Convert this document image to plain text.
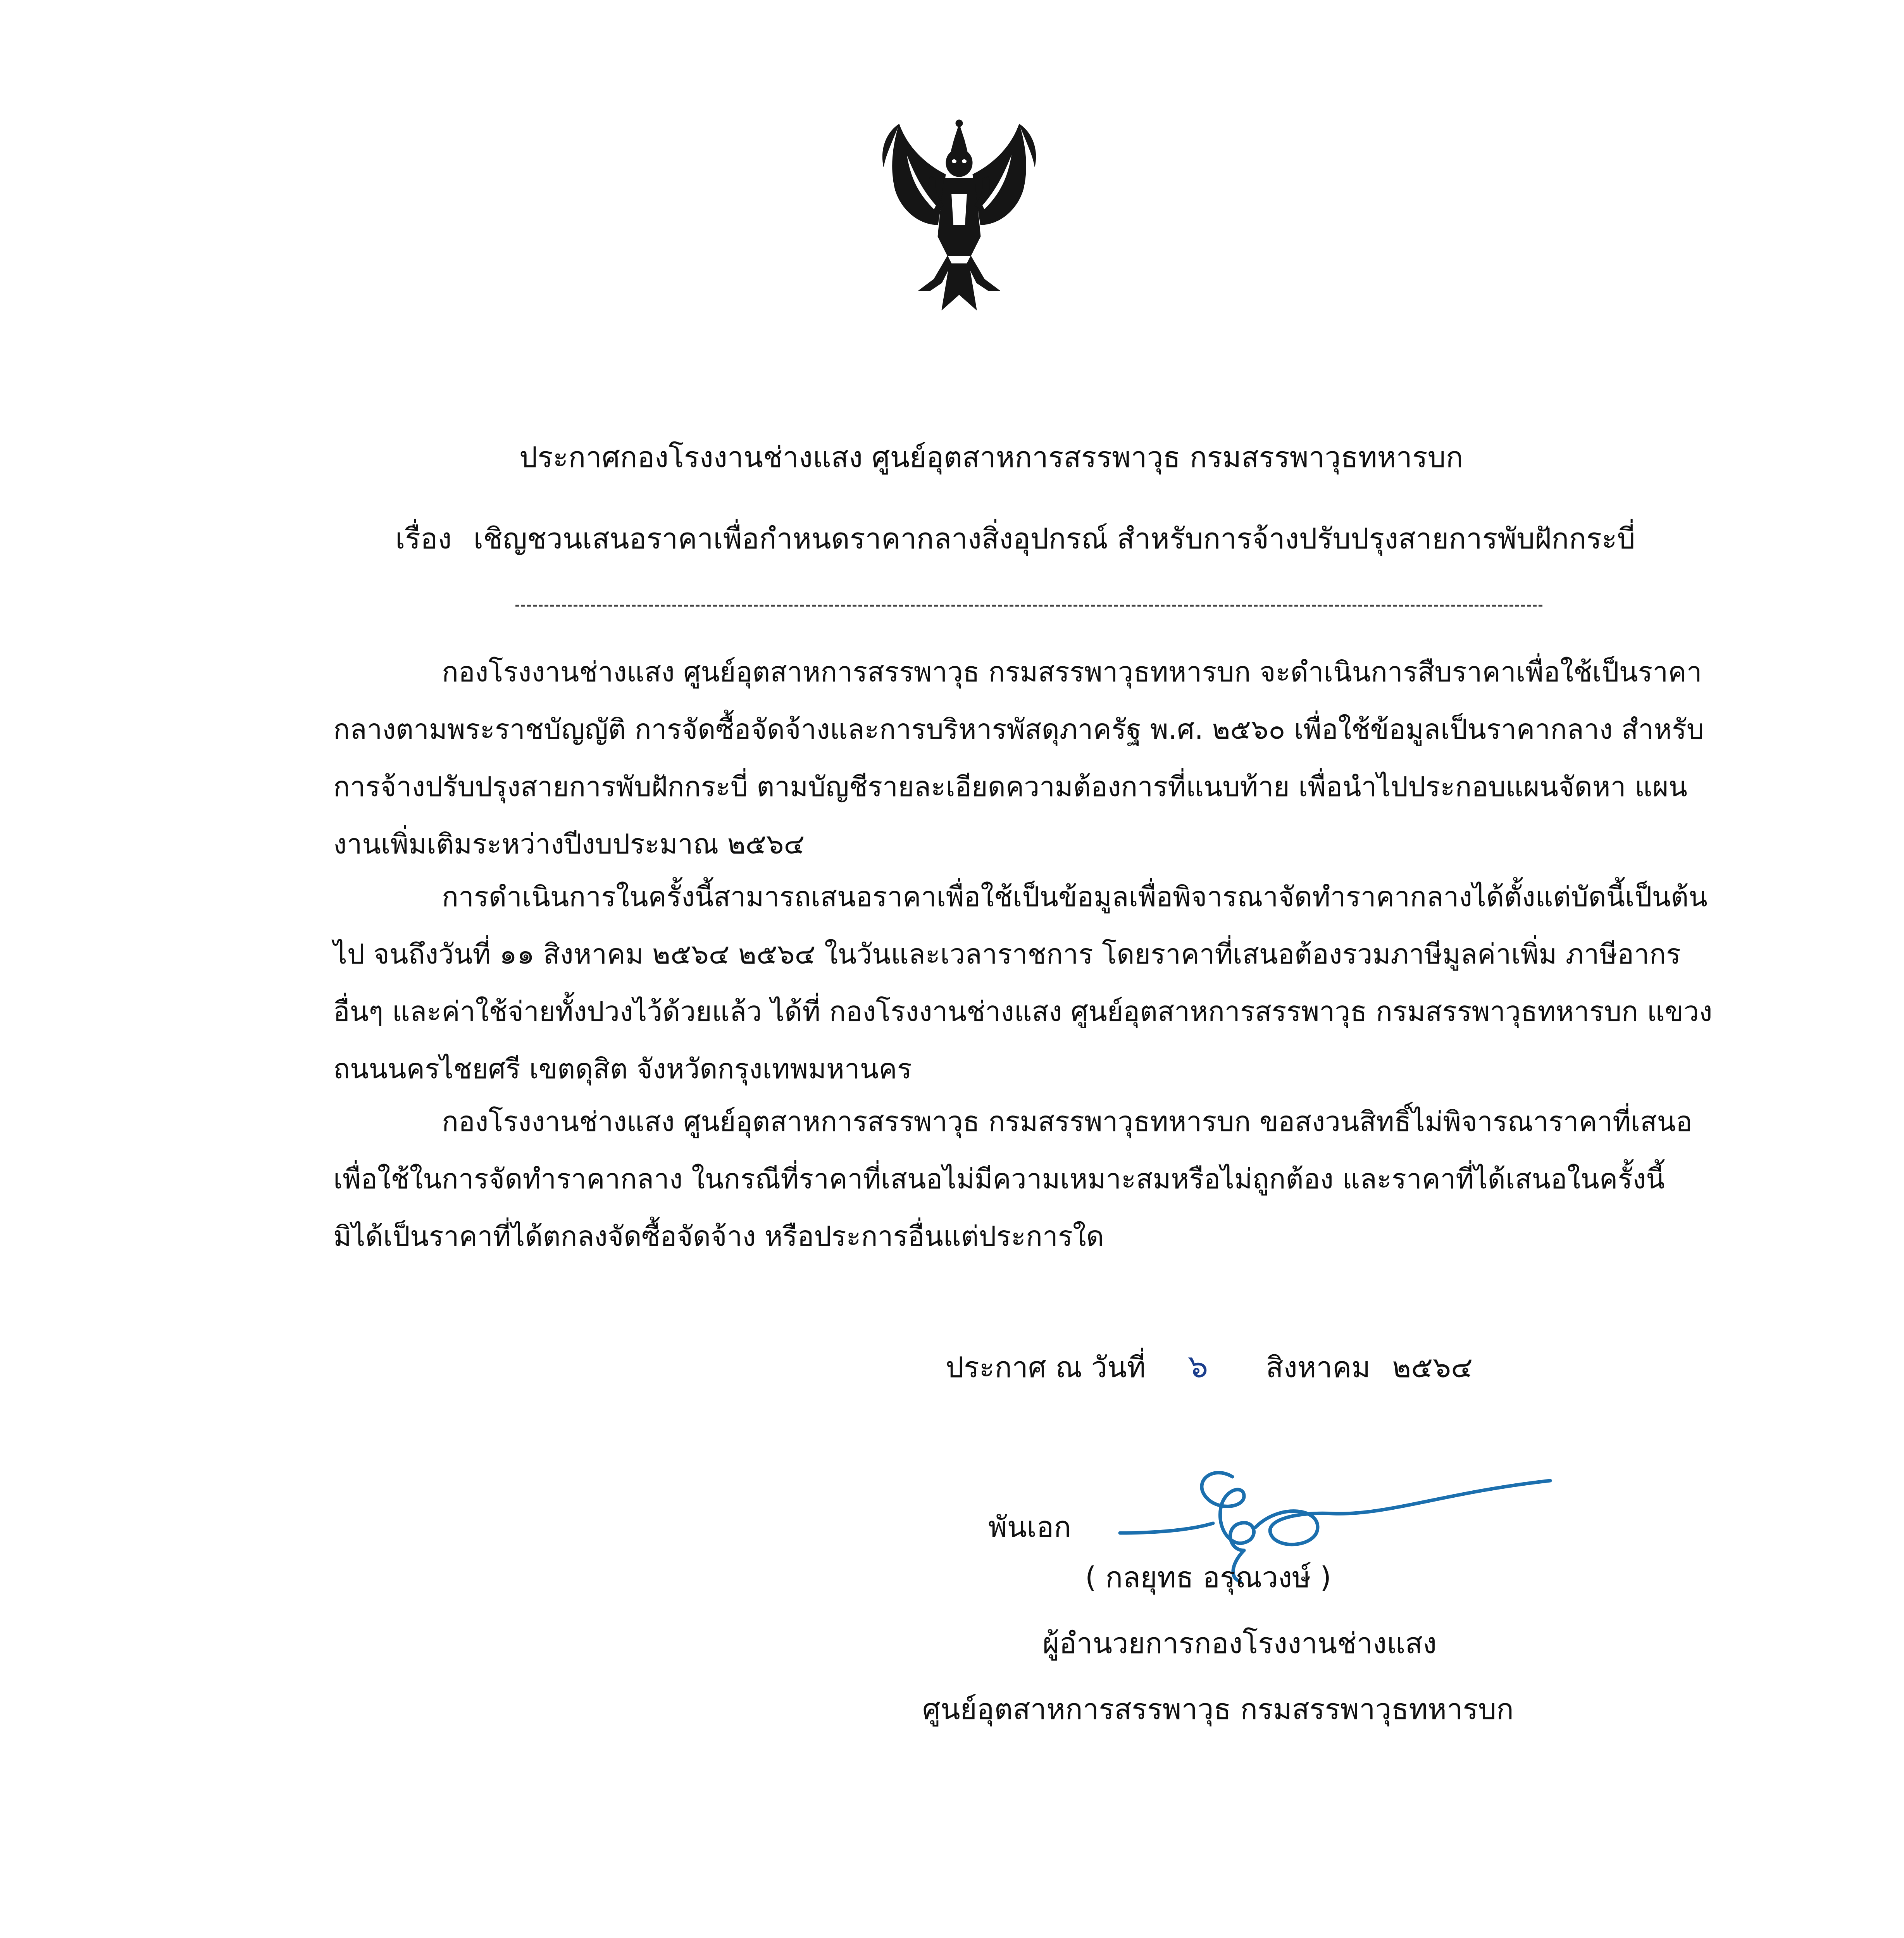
ประกาศกองโรงงานช่างแสง ศูนย์อุตสาหการสรรพาวุธ กรมสรรพาวุธทหารบก
เรื่อง เชิญชวนเสนอราคาเพื่อกำหนดราคากลางสิ่งอุปกรณ์ สำหรับการจ้างปรับปรุงสายการพับฝักกระบี่

กองโรงงานช่างแสง ศูนย์อุตสาหการสรรพาวุธ กรมสรรพาวุธทหารบก จะดำเนินการสืบราคาเพื่อใช้เป็นราคากลางตามพระราชบัญญัติ การจัดซื้อจัดจ้างและการบริหารพัสดุภาครัฐ พ.ศ. ๒๕๖๐ เพื่อใช้ข้อมูลเป็นราคากลาง สำหรับการจ้างปรับปรุงสายการพับฝักกระบี่ ตามบัญชีรายละเอียดความต้องการที่แนบท้าย เพื่อนำไปประกอบแผนจัดหา แผนงานเพิ่มเติมระหว่างปีงบประมาณ ๒๕๖๔

การดำเนินการในครั้งนี้สามารถเสนอราคาเพื่อใช้เป็นข้อมูลเพื่อพิจารณาจัดทำราคากลางได้ตั้งแต่บัดนี้เป็นต้นไป จนถึงวันที่ ๑๑ สิงหาคม ๒๕๖๔ ๒๕๖๔ ในวันและเวลาราชการ โดยราคาที่เสนอต้องรวมภาษีมูลค่าเพิ่ม ภาษีอากรอื่นๆ และค่าใช้จ่ายทั้งปวงไว้ด้วยแล้ว ได้ที่ กองโรงงานช่างแสง ศูนย์อุตสาหการสรรพาวุธ กรมสรรพาวุธทหารบก แขวงถนนนครไชยศรี เขตดุสิต จังหวัดกรุงเทพมหานคร

กองโรงงานช่างแสง ศูนย์อุตสาหการสรรพาวุธ กรมสรรพาวุธทหารบก ขอสงวนสิทธิ์ไม่พิจารณาราคาที่เสนอเพื่อใช้ในการจัดทำราคากลาง ในกรณีที่ราคาที่เสนอไม่มีความเหมาะสมหรือไม่ถูกต้อง และราคาที่ได้เสนอในครั้งนี้ มิได้เป็นราคาที่ได้ตกลงจัดซื้อจัดจ้าง หรือประการอื่นแต่ประการใด

ประกาศ ณ วันที่ ๖ สิงหาคม ๒๕๖๔
พันเอก
( กลยุทธ อรุณวงษ์ )
ผู้อำนวยการกองโรงงานช่างแสง
ศูนย์อุตสาหการสรรพาวุธ กรมสรรพาวุธทหารบก
